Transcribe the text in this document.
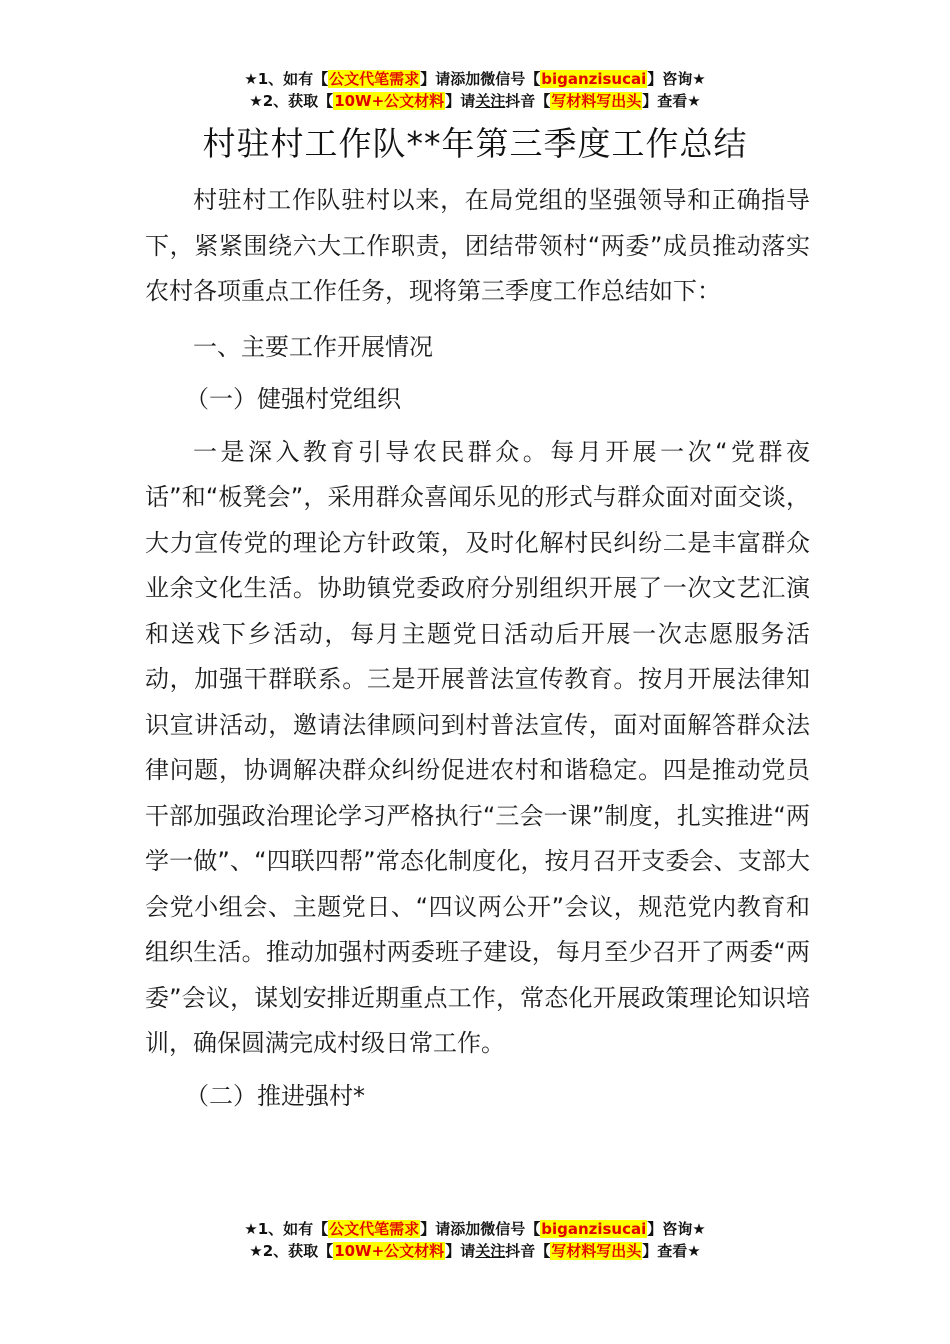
★1、如有【公文代笔需求】请添加微信号【biganzisucai】咨询★
★2、获取【10W+公文材料】请关注抖音【写材料写出头】查看★
村驻村工作队**年第三季度工作总结

村驻村工作队驻村以来，在局党组的坚强领导和正确指导下，紧紧围绕六大工作职责，团结带领村“两委”成员推动落实农村各项重点工作任务，现将第三季度工作总结如下：

一、主要工作开展情况

（一）健强村党组织

一是深入教育引导农民群众。每月开展一次“党群夜话”和“板凳会”，采用群众喜闻乐见的形式与群众面对面交谈，大力宣传党的理论方针政策，及时化解村民纠纷二是丰富群众业余文化生活。协助镇党委政府分别组织开展了一次文艺汇演和送戏下乡活动，每月主题党日活动后开展一次志愿服务活动，加强干群联系。三是开展普法宣传教育。按月开展法律知识宣讲活动，邀请法律顾问到村普法宣传，面对面解答群众法律问题，协调解决群众纠纷促进农村和谐稳定。四是推动党员干部加强政治理论学习严格执行“三会一课”制度，扎实推进“两学一做”、“四联四帮”常态化制度化，按月召开支委会、支部大会党小组会、主题党日、“四议两公开”会议，规范党内教育和组织生活。推动加强村两委班子建设，每月至少召开了两委“两委”会议，谋划安排近期重点工作，常态化开展政策理论知识培训，确保圆满完成村级日常工作。

（二）推进强村*

★1、如有【公文代笔需求】请添加微信号【biganzisucai】咨询★
★2、获取【10W+公文材料】请关注抖音【写材料写出头】查看★
